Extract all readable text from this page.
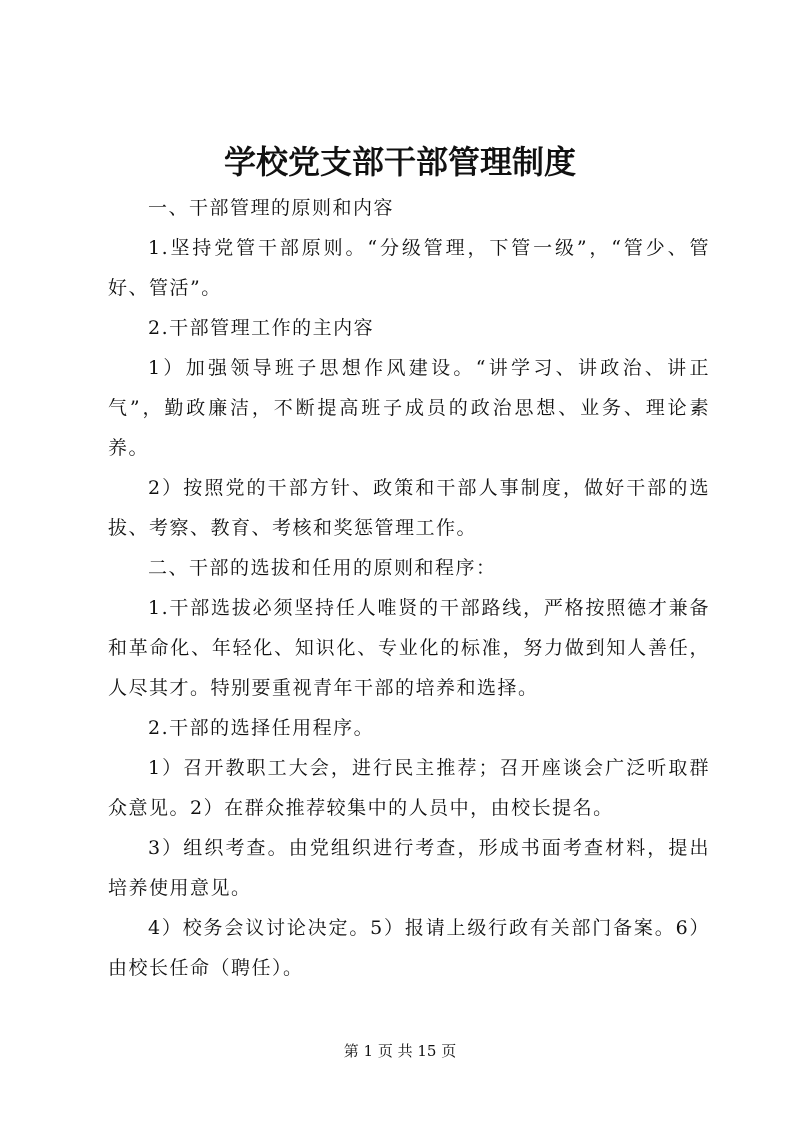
学校党支部干部管理制度

一、干部管理的原则和内容

1.坚持党管干部原则。“分级管理，下管一级”，“管少、管好、管活”。

2.干部管理工作的主内容

1）加强领导班子思想作风建设。“讲学习、讲政治、讲正气”，勤政廉洁，不断提高班子成员的政治思想、业务、理论素养。

2）按照党的干部方针、政策和干部人事制度，做好干部的选拔、考察、教育、考核和奖惩管理工作。

二、干部的选拔和任用的原则和程序：

1.干部选拔必须坚持任人唯贤的干部路线，严格按照德才兼备和革命化、年轻化、知识化、专业化的标准，努力做到知人善任，人尽其才。特别要重视青年干部的培养和选择。

2.干部的选择任用程序。

1）召开教职工大会，进行民主推荐；召开座谈会广泛听取群众意见。2）在群众推荐较集中的人员中，由校长提名。

3）组织考查。由党组织进行考查，形成书面考查材料，提出培养使用意见。

4）校务会议讨论决定。5）报请上级行政有关部门备案。6）由校长任命（聘任）。

第 1 页 共 15 页
